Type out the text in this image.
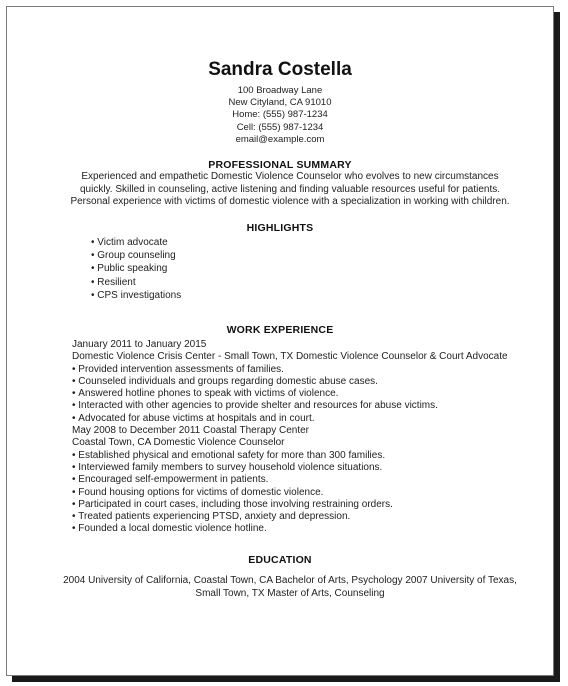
Sandra Costella
100 Broadway Lane
New Cityland, CA 91010
Home: (555) 987-1234
Cell: (555) 987-1234
email@example.com
PROFESSIONAL SUMMARY
Experienced and empathetic Domestic Violence Counselor who evolves to new circumstances
quickly. Skilled in counseling, active listening and finding valuable resources useful for patients.
Personal experience with victims of domestic violence with a specialization in working with children.
HIGHLIGHTS
• Victim advocate
• Group counseling
• Public speaking
• Resilient
• CPS investigations
WORK EXPERIENCE
January 2011 to January 2015
Domestic Violence Crisis Center - Small Town, TX Domestic Violence Counselor & Court Advocate
• Provided intervention assessments of families.
• Counseled individuals and groups regarding domestic abuse cases.
• Answered hotline phones to speak with victims of violence.
• Interacted with other agencies to provide shelter and resources for abuse victims.
• Advocated for abuse victims at hospitals and in court.
May 2008 to December 2011 Coastal Therapy Center
Coastal Town, CA Domestic Violence Counselor
• Established physical and emotional safety for more than 300 families.
• Interviewed family members to survey household violence situations.
• Encouraged self-empowerment in patients.
• Found housing options for victims of domestic violence.
• Participated in court cases, including those involving restraining orders.
• Treated patients experiencing PTSD, anxiety and depression.
• Founded a local domestic violence hotline.
EDUCATION
2004 University of California, Coastal Town, CA Bachelor of Arts, Psychology 2007 University of Texas,
Small Town, TX Master of Arts, Counseling
